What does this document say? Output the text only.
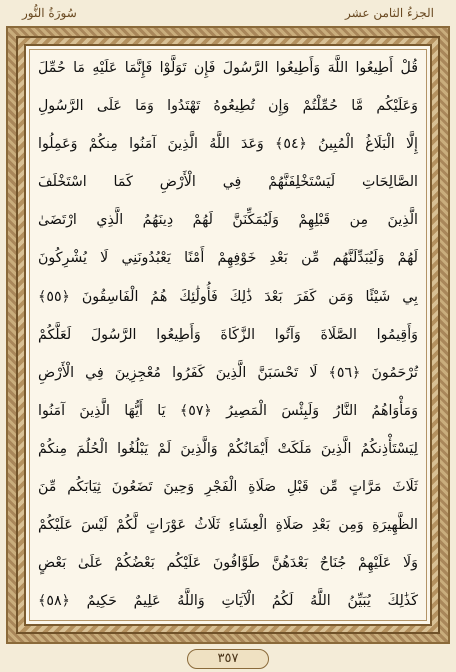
الجزءُ الثامن عشر
سُورَةُ النُّور
قُلْ أَطِيعُوا اللَّهَ وَأَطِيعُوا الرَّسُولَ فَإِن تَوَلَّوْا فَإِنَّمَا عَلَيْهِ مَا حُمِّلَ
وَعَلَيْكُم مَّا حُمِّلْتُمْ وَإِن تُطِيعُوهُ تَهْتَدُوا وَمَا عَلَى الرَّسُولِ
إِلَّا الْبَلَاغُ الْمُبِينُ ﴿٥٤﴾ وَعَدَ اللَّهُ الَّذِينَ آمَنُوا مِنكُمْ وَعَمِلُوا
الصَّالِحَاتِ لَيَسْتَخْلِفَنَّهُمْ فِي الْأَرْضِ كَمَا اسْتَخْلَفَ
الَّذِينَ مِن قَبْلِهِمْ وَلَيُمَكِّنَنَّ لَهُمْ دِينَهُمُ الَّذِي ارْتَضَىٰ
لَهُمْ وَلَيُبَدِّلَنَّهُم مِّن بَعْدِ خَوْفِهِمْ أَمْنًا يَعْبُدُونَنِي لَا يُشْرِكُونَ
بِي شَيْئًا وَمَن كَفَرَ بَعْدَ ذَٰلِكَ فَأُولَٰئِكَ هُمُ الْفَاسِقُونَ ﴿٥٥﴾
وَأَقِيمُوا الصَّلَاةَ وَآتُوا الزَّكَاةَ وَأَطِيعُوا الرَّسُولَ لَعَلَّكُمْ
تُرْحَمُونَ ﴿٥٦﴾ لَا تَحْسَبَنَّ الَّذِينَ كَفَرُوا مُعْجِزِينَ فِي الْأَرْضِ
وَمَأْوَاهُمُ النَّارُ وَلَبِئْسَ الْمَصِيرُ ﴿٥٧﴾ يَا أَيُّهَا الَّذِينَ آمَنُوا
لِيَسْتَأْذِنكُمُ الَّذِينَ مَلَكَتْ أَيْمَانُكُمْ وَالَّذِينَ لَمْ يَبْلُغُوا الْحُلُمَ مِنكُمْ
ثَلَاثَ مَرَّاتٍ مِّن قَبْلِ صَلَاةِ الْفَجْرِ وَحِينَ تَضَعُونَ ثِيَابَكُم مِّنَ
الظَّهِيرَةِ وَمِن بَعْدِ صَلَاةِ الْعِشَاءِ ثَلَاثُ عَوْرَاتٍ لَّكُمْ لَيْسَ عَلَيْكُمْ
وَلَا عَلَيْهِمْ جُنَاحٌ بَعْدَهُنَّ طَوَّافُونَ عَلَيْكُم بَعْضُكُمْ عَلَىٰ بَعْضٍ
كَذَٰلِكَ يُبَيِّنُ اللَّهُ لَكُمُ الْآيَاتِ وَاللَّهُ عَلِيمٌ حَكِيمٌ ﴿٥٨﴾
٣٥٧
